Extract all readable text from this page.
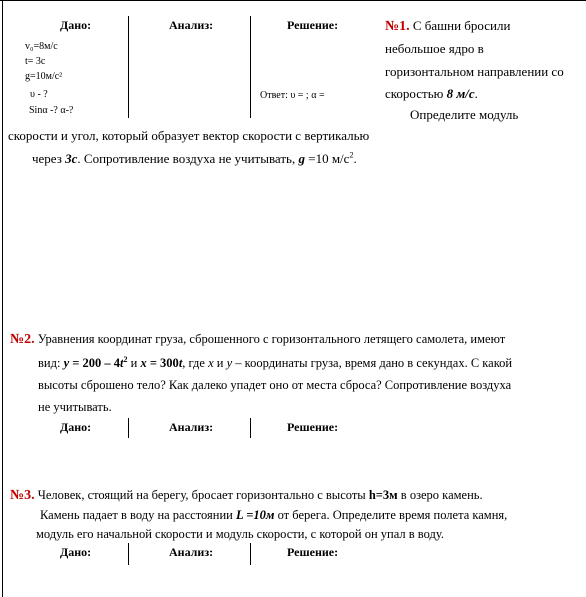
Дано:	Анализ:	Решение:
v₀=8м/с
t= 3с
g=10м/с²
υ - ?
Sinα -? α-?
Ответ: υ = ; α =
№1. С башни бросили
небольшое ядро в
горизонтальном направлении со
скоростью 8 м/с.
Определите модуль
скорости и угол, который образует вектор скорости с вертикалью
через 3с. Сопротивление воздуха не учитывать, g =10 $м/с^2$.
№2. Уравнения координат груза, сброшенного с горизонтального летящего самолета, имеют
вид: $y = 200 - 4t^2$ и x = 300t, где x и y – координаты груза, время дано в секундах. С какой
высоты сброшено тело? Как далеко упадет оно от места сброса? Сопротивление воздуха
не учитывать.
Дано:	Анализ:	Решение:
№3. Человек, стоящий на берегу, бросает горизонтально с высоты h=3м в озеро камень.
Камень падает в воду на расстоянии L =10м от берега. Определите время полета камня,
модуль его начальной скорости и модуль скорости, с которой он упал в воду.
Дано:	Анализ:	Решение:
